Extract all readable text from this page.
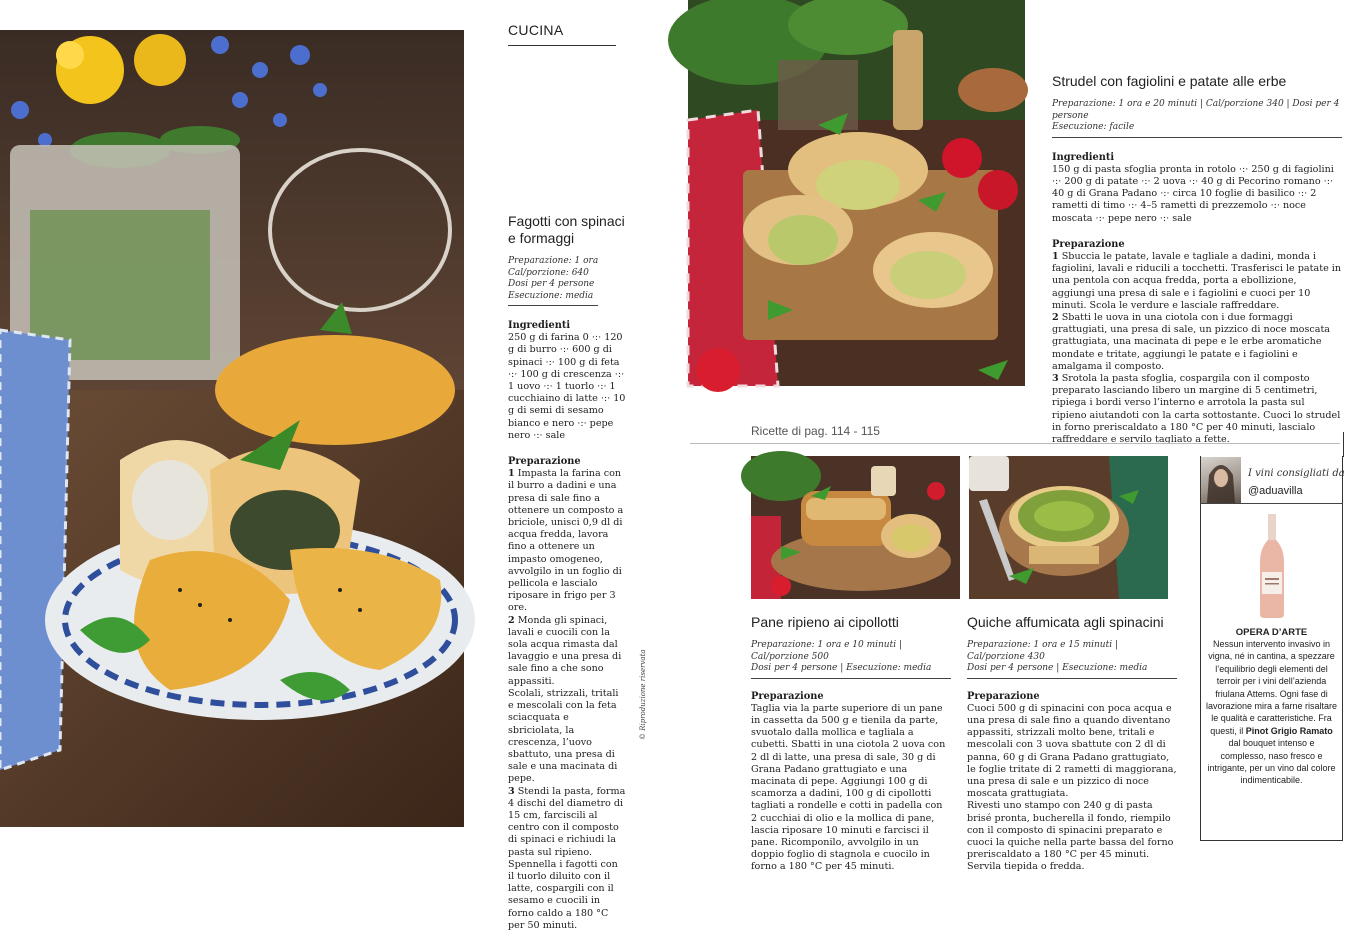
CUCINA
Fagotti con spinaci
e formaggi
Preparazione: 1 ora
Cal/porzione: 640
Dosi per 4 persone
Esecuzione: media
Ingredienti

250 g di farina 0 ·:· 120 g di burro ·:· 600 g di spinaci ·:· 100 g di feta ·:· 100 g di crescenza ·:· 1 uovo ·:· 1 tuorlo ·:· 1 cucchiaino di latte ·:· 10 g di semi di sesamo bianco e nero ·:· pepe nero ·:· sale

Preparazione

1 Impasta la farina con il burro a dadini e una presa di sale fino a ottenere un composto a briciole, unisci 0,9 dl di acqua fredda, lavora fino a ottenere un impasto omogeneo, avvolgilo in un foglio di pellicola e lascialo riposare in frigo per 3 ore.

2 Monda gli spinaci, lavali e cuocili con la sola acqua rimasta dal lavaggio e una presa di sale fino a che sono appassiti.

Scolali, strizzali, tritali e mescolali con la feta sciacquata e sbriciolata, la crescenza, l’uovo sbattuto, una presa di sale e una macinata di pepe.

3 Stendi la pasta, forma 4 dischi del diametro di 15 cm, farciscili al centro con il composto di spinaci e richiudi la pasta sul ripieno. Spennella i fagotti con il tuorlo diluito con il latte, cospargili con il sesamo e cuocili in forno caldo a 180 °C per 50 minuti.

© Riproduzione riservata
Strudel con fagiolini e patate alle erbe
Preparazione: 1 ora e 20 minuti | Cal/porzione 340 | Dosi per 4 persone
Esecuzione: facile
Ingredienti

150 g di pasta sfoglia pronta in rotolo ·:· 250 g di fagiolini ·:· 200 g di patate ·:· 2 uova ·:· 40 g di Pecorino romano ·:· 40 g di Grana Padano ·:· circa 10 foglie di basilico ·:· 2 rametti di timo ·:· 4–5 rametti di prezzemolo ·:· noce moscata ·:· pepe nero ·:· sale

Preparazione

1 Sbuccia le patate, lavale e tagliale a dadini, monda i fagiolini, lavali e riducili a tocchetti. Trasferisci le patate in una pentola con acqua fredda, porta a ebollizione, aggiungi una presa di sale e i fagiolini e cuoci per 10 minuti. Scola le verdure e lasciale raffreddare.

2 Sbatti le uova in una ciotola con i due formaggi grattugiati, una presa di sale, un pizzico di noce moscata grattugiata, una macinata di pepe e le erbe aromatiche mondate e tritate, aggiungi le patate e i fagiolini e amalgama il composto.

3 Srotola la pasta sfoglia, cospargila con il composto preparato lasciando libero un margine di 5 centimetri, ripiega i bordi verso l’interno e arrotola la pasta sul ripieno aiutandoti con la carta sottostante. Cuoci lo strudel in forno preriscaldato a 180 °C per 40 minuti, lascialo raffreddare e servilo tagliato a fette.

Ricette di pag. 114 - 115
Pane ripieno ai cipollotti
Preparazione: 1 ora e 10 minuti | Cal/porzione 500
Dosi per 4 persone | Esecuzione: media
Preparazione

Taglia via la parte superiore di un pane in cassetta da 500 g e tienila da parte, svuotalo dalla mollica e tagliala a cubetti. Sbatti in una ciotola 2 uova con 2 dl di latte, una presa di sale, 30 g di Grana Padano grattugiato e una macinata di pepe. Aggiungi 100 g di scamorza a dadini, 100 g di cipollotti tagliati a rondelle e cotti in padella con 2 cucchiai di olio e la mollica di pane, lascia riposare 10 minuti e farcisci il pane. Ricomponilo, avvolgilo in un doppio foglio di stagnola e cuocilo in forno a 180 °C per 45 minuti.

Quiche affumicata agli spinacini
Preparazione: 1 ora e 15 minuti | Cal/porzione 430
Dosi per 4 persone | Esecuzione: media
Preparazione

Cuoci 500 g di spinacini con poca acqua e una presa di sale fino a quando diventano appassiti, strizzali molto bene, tritali e mescolali con 3 uova sbattute con 2 dl di panna, 60 g di Grana Padano grattugiato, le foglie tritate di 2 rametti di maggiorana, una presa di sale e un pizzico di noce moscata grattugiata.

Rivesti uno stampo con 240 g di pasta brisé pronta, bucherella il fondo, riempilo con il composto di spinacini preparato e cuoci la quiche nella parte bassa del forno preriscaldato a 180 °C per 45 minuti. Servila tiepida o fredda.

I vini consigliati da
@aduavilla
OPERA D’ARTE
Nessun intervento invasivo in vigna, né in cantina, a spezzare l’equilibrio degli elementi del terroir per i vini dell’azienda friulana Attems. Ogni fase di lavorazione mira a farne risaltare le qualità e caratteristiche. Fra questi, il Pinot Grigio Ramato dal bouquet intenso e complesso, naso fresco e intrigante, per un vino dal colore indimenticabile.
